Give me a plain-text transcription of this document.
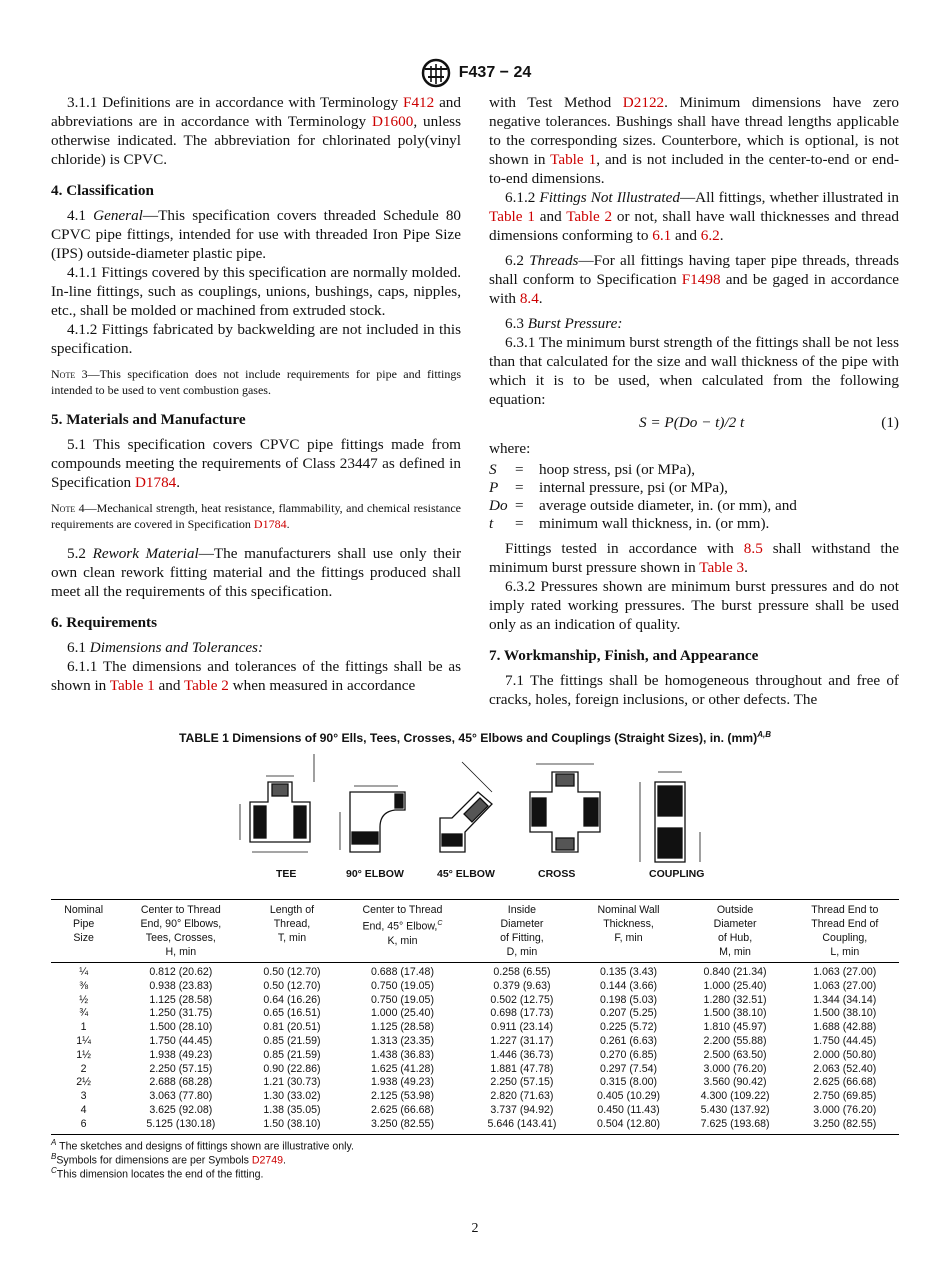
F437 − 24

3.1.1 Definitions are in accordance with Terminology F412 and abbreviations are in accordance with Terminology D1600, unless otherwise indicated. The abbreviation for chlorinated poly(vinyl chloride) is CPVC.

4. Classification

4.1 General—This specification covers threaded Schedule 80 CPVC pipe fittings, intended for use with threaded Iron Pipe Size (IPS) outside-diameter plastic pipe.

4.1.1 Fittings covered by this specification are normally molded. In-line fittings, such as couplings, unions, bushings, caps, nipples, etc., shall be molded or machined from extruded stock.

4.1.2 Fittings fabricated by backwelding are not included in this specification.

Note 3—This specification does not include requirements for pipe and fittings intended to be used to vent combustion gases.

5. Materials and Manufacture

5.1 This specification covers CPVC pipe fittings made from compounds meeting the requirements of Class 23447 as defined in Specification D1784.

Note 4—Mechanical strength, heat resistance, flammability, and chemical resistance requirements are covered in Specification D1784.

5.2 Rework Material—The manufacturers shall use only their own clean rework fitting material and the fittings produced shall meet all the requirements of this specification.

6. Requirements

6.1 Dimensions and Tolerances:

6.1.1 The dimensions and tolerances of the fittings shall be as shown in Table 1 and Table 2 when measured in accordance

with Test Method D2122. Minimum dimensions have zero negative tolerances. Bushings shall have thread lengths applicable to the corresponding sizes. Counterbore, which is optional, is not shown in Table 1, and is not included in the center-to-end or end-to-end dimensions.

6.1.2 Fittings Not Illustrated—All fittings, whether illustrated in Table 1 and Table 2 or not, shall have wall thicknesses and thread dimensions conforming to 6.1 and 6.2.

6.2 Threads—For all fittings having taper pipe threads, threads shall conform to Specification F1498 and be gaged in accordance with 8.4.

6.3 Burst Pressure:

6.3.1 The minimum burst strength of the fittings shall be not less than that calculated for the size and wall thickness of the pipe with which it is to be used, when calculated from the following equation:

S = P(Do − t)/2 t	(1)

where:

S	=	hoop stress, psi (or MPa),
P	=	internal pressure, psi (or MPa),
Do =	average outside diameter, in. (or mm), and
t	=	minimum wall thickness, in. (or mm).

Fittings tested in accordance with 8.5 shall withstand the minimum burst pressure shown in Table 3.

6.3.2 Pressures shown are minimum burst pressures and do not imply rated working pressures. The burst pressure shall be used only as an indication of quality.

7. Workmanship, Finish, and Appearance

7.1 The fittings shall be homogeneous throughout and free of cracks, holes, foreign inclusions, or other defects. The

TABLE 1 Dimensions of 90° Ells, Tees, Crosses, 45° Elbows and Couplings (Straight Sizes), in. (mm)$^{A,B}$
TEE	90° ELBOW	45° ELBOW	CROSS	COUPLING
Nominal
Pipe
Size	Center to Thread
End, 90° Elbows,
Tees, Crosses,
H, min	Length of
Thread,
T, min	Center to Thread
End, 45° Elbow,$^C$
K, min	Inside
Diameter
of Fitting,
D, min	Nominal Wall
Thickness,
F, min	Outside
Diameter
of Hub,
M, min	Thread End to
Thread End of
Coupling,
L, min
¼	0.812 (20.62)	0.50 (12.70)	0.688 (17.48)	0.258 (6.55)	0.135 (3.43)	0.840 (21.34)	1.063 (27.00)
⅜	0.938 (23.83)	0.50 (12.70)	0.750 (19.05)	0.379 (9.63)	0.144 (3.66)	1.000 (25.40)	1.063 (27.00)
½	1.125 (28.58)	0.64 (16.26)	0.750 (19.05)	0.502 (12.75)	0.198 (5.03)	1.280 (32.51)	1.344 (34.14)
¾	1.250 (31.75)	0.65 (16.51)	1.000 (25.40)	0.698 (17.73)	0.207 (5.25)	1.500 (38.10)	1.500 (38.10)
1	1.500 (28.10)	0.81 (20.51)	1.125 (28.58)	0.911 (23.14)	0.225 (5.72)	1.810 (45.97)	1.688 (42.88)
1¼	1.750 (44.45)	0.85 (21.59)	1.313 (23.35)	1.227 (31.17)	0.261 (6.63)	2.200 (55.88)	1.750 (44.45)
1½	1.938 (49.23)	0.85 (21.59)	1.438 (36.83)	1.446 (36.73)	0.270 (6.85)	2.500 (63.50)	2.000 (50.80)
2	2.250 (57.15)	0.90 (22.86)	1.625 (41.28)	1.881 (47.78)	0.297 (7.54)	3.000 (76.20)	2.063 (52.40)
2½	2.688 (68.28)	1.21 (30.73)	1.938 (49.23)	2.250 (57.15)	0.315 (8.00)	3.560 (90.42)	2.625 (66.68)
3	3.063 (77.80)	1.30 (33.02)	2.125 (53.98)	2.820 (71.63)	0.405 (10.29)	4.300 (109.22)	2.750 (69.85)
4	3.625 (92.08)	1.38 (35.05)	2.625 (66.68)	3.737 (94.92)	0.450 (11.43)	5.430 (137.92)	3.000 (76.20)
6	5.125 (130.18)	1.50 (38.10)	3.250 (82.55)	5.646 (143.41)	0.504 (12.80)	7.625 (193.68)	3.250 (82.55)
$^A$ The sketches and designs of fittings shown are illustrative only.
$^B$Symbols for dimensions are per Symbols D2749.
$^C$This dimension locates the end of the fitting.
2
